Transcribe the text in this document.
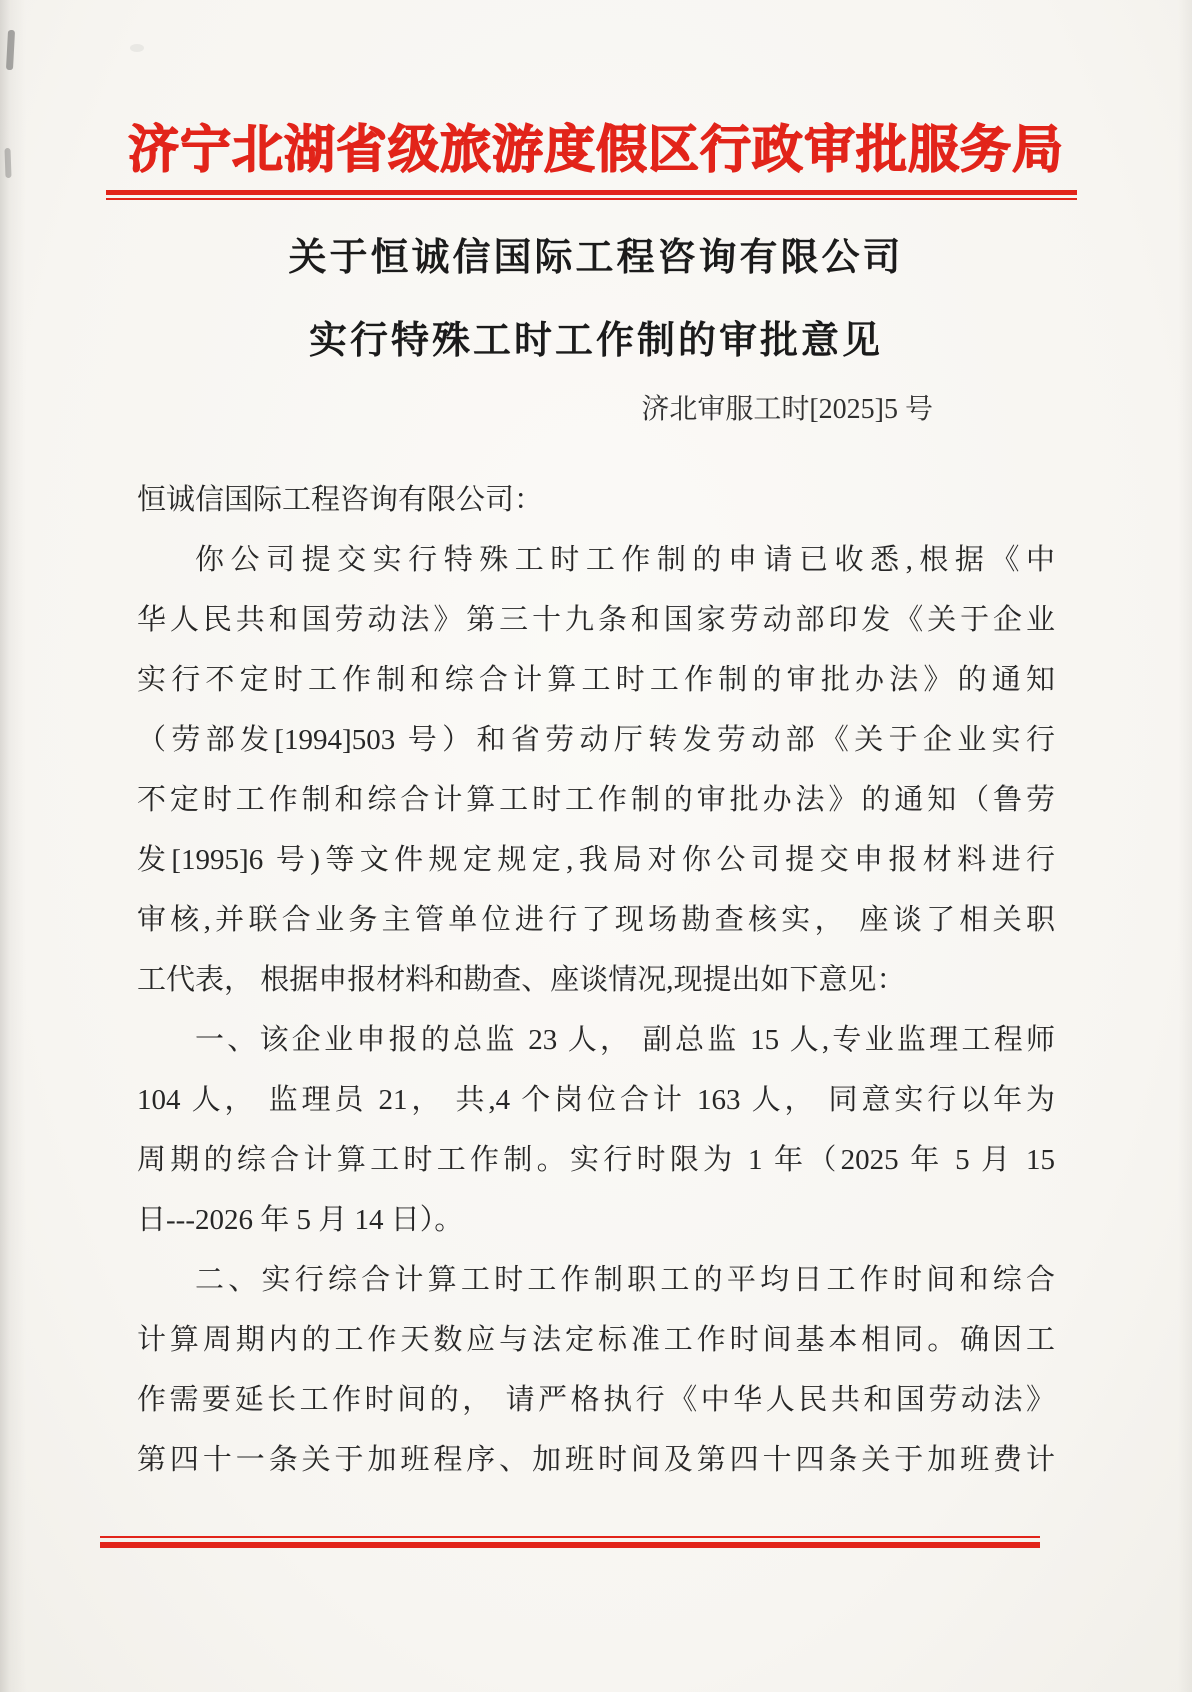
济宁北湖省级旅游度假区行政审批服务局
关于恒诚信国际工程咨询有限公司
实行特殊工时工作制的审批意见
济北审服工时[2025]5 号
恒诚信国际工程咨询有限公司：
你公司提交实行特殊工时工作制的申请已收悉,根据《中
华人民共和国劳动法》第三十九条和国家劳动部印发《关于企业
实行不定时工作制和综合计算工时工作制的审批办法》的通知
（劳部发[1994]503 号）和省劳动厅转发劳动部《关于企业实行
不定时工作制和综合计算工时工作制的审批办法》的通知（鲁劳
发[1995]6 号)等文件规定规定,我局对你公司提交申报材料进行
审核,并联合业务主管单位进行了现场勘查核实， 座谈了相关职
工代表， 根据申报材料和勘查、座谈情况,现提出如下意见：
一、该企业申报的总监 23 人， 副总监 15 人,专业监理工程师
104 人， 监理员 21， 共,4 个岗位合计 163 人， 同意实行以年为
周期的综合计算工时工作制。实行时限为 1 年（2025 年 5 月 15
日---2026 年 5 月 14 日）。
二、实行综合计算工时工作制职工的平均日工作时间和综合
计算周期内的工作天数应与法定标准工作时间基本相同。确因工
作需要延长工作时间的， 请严格执行《中华人民共和国劳动法》
第四十一条关于加班程序、加班时间及第四十四条关于加班费计
